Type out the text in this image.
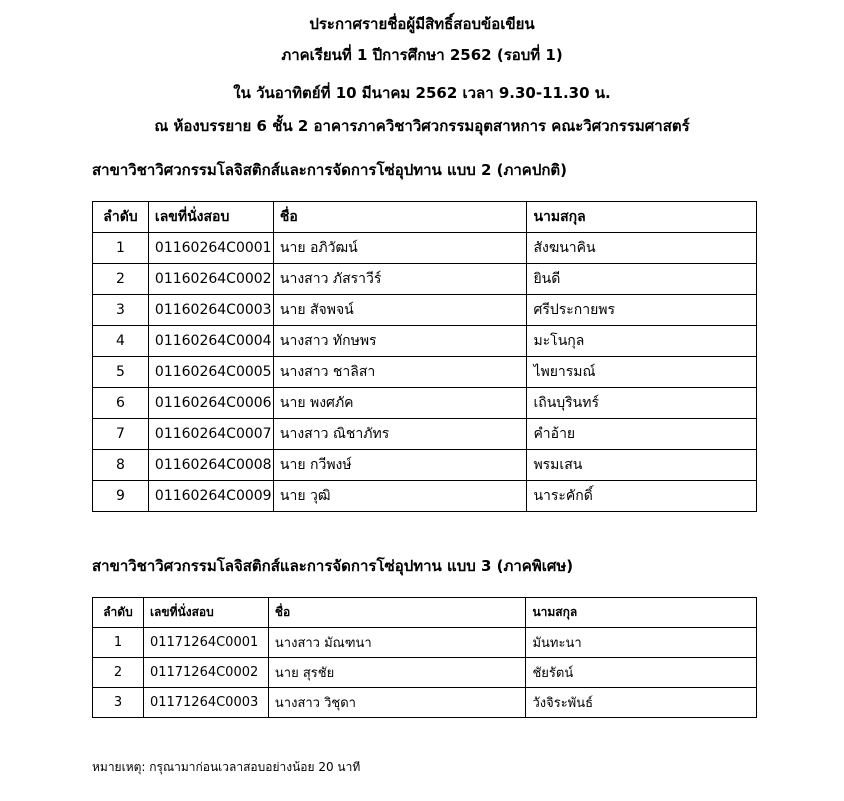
ประกาศรายชื่อผู้มีสิทธิ์สอบข้อเขียน
ภาคเรียนที่ 1 ปีการศึกษา 2562 (รอบที่ 1)
ใน วันอาทิตย์ที่ 10 มีนาคม 2562 เวลา 9.30-11.30 น.
ณ ห้องบรรยาย 6 ชั้น 2 อาคารภาควิชาวิศวกรรมอุตสาหการ คณะวิศวกรรมศาสตร์
สาขาวิชาวิศวกรรมโลจิสติกส์และการจัดการโซ่อุปทาน แบบ 2 (ภาคปกติ)
ลำดับ	เลขที่นั่งสอบ	ชื่อ	นามสกุล
1	01160264C0001	นาย อภิวัฒน์	สังฆนาคิน
2	01160264C0002	นางสาว ภัสราวีร์	ยินดี
3	01160264C0003	นาย สัจพจน์	ศรีประกายพร
4	01160264C0004	นางสาว ทักษพร	มะโนกุล
5	01160264C0005	นางสาว ชาลิสา	ไพยารมณ์
6	01160264C0006	นาย พงศภัค	เถินบุรินทร์
7	01160264C0007	นางสาว ณิชาภัทร	คำอ้าย
8	01160264C0008	นาย กวีพงษ์	พรมเสน
9	01160264C0009	นาย วุฒิ	นาระคักดิ์
สาขาวิชาวิศวกรรมโลจิสติกส์และการจัดการโซ่อุปทาน แบบ 3 (ภาคพิเศษ)
ลำดับ	เลขที่นั่งสอบ	ชื่อ	นามสกุล
1	01171264C0001	นางสาว มัณฑนา	มันทะนา
2	01171264C0002	นาย สุรชัย	ชัยรัตน์
3	01171264C0003	นางสาว วิชุดา	วังจิระพันธ์
หมายเหตุ: กรุณามาก่อนเวลาสอบอย่างน้อย 20 นาที
